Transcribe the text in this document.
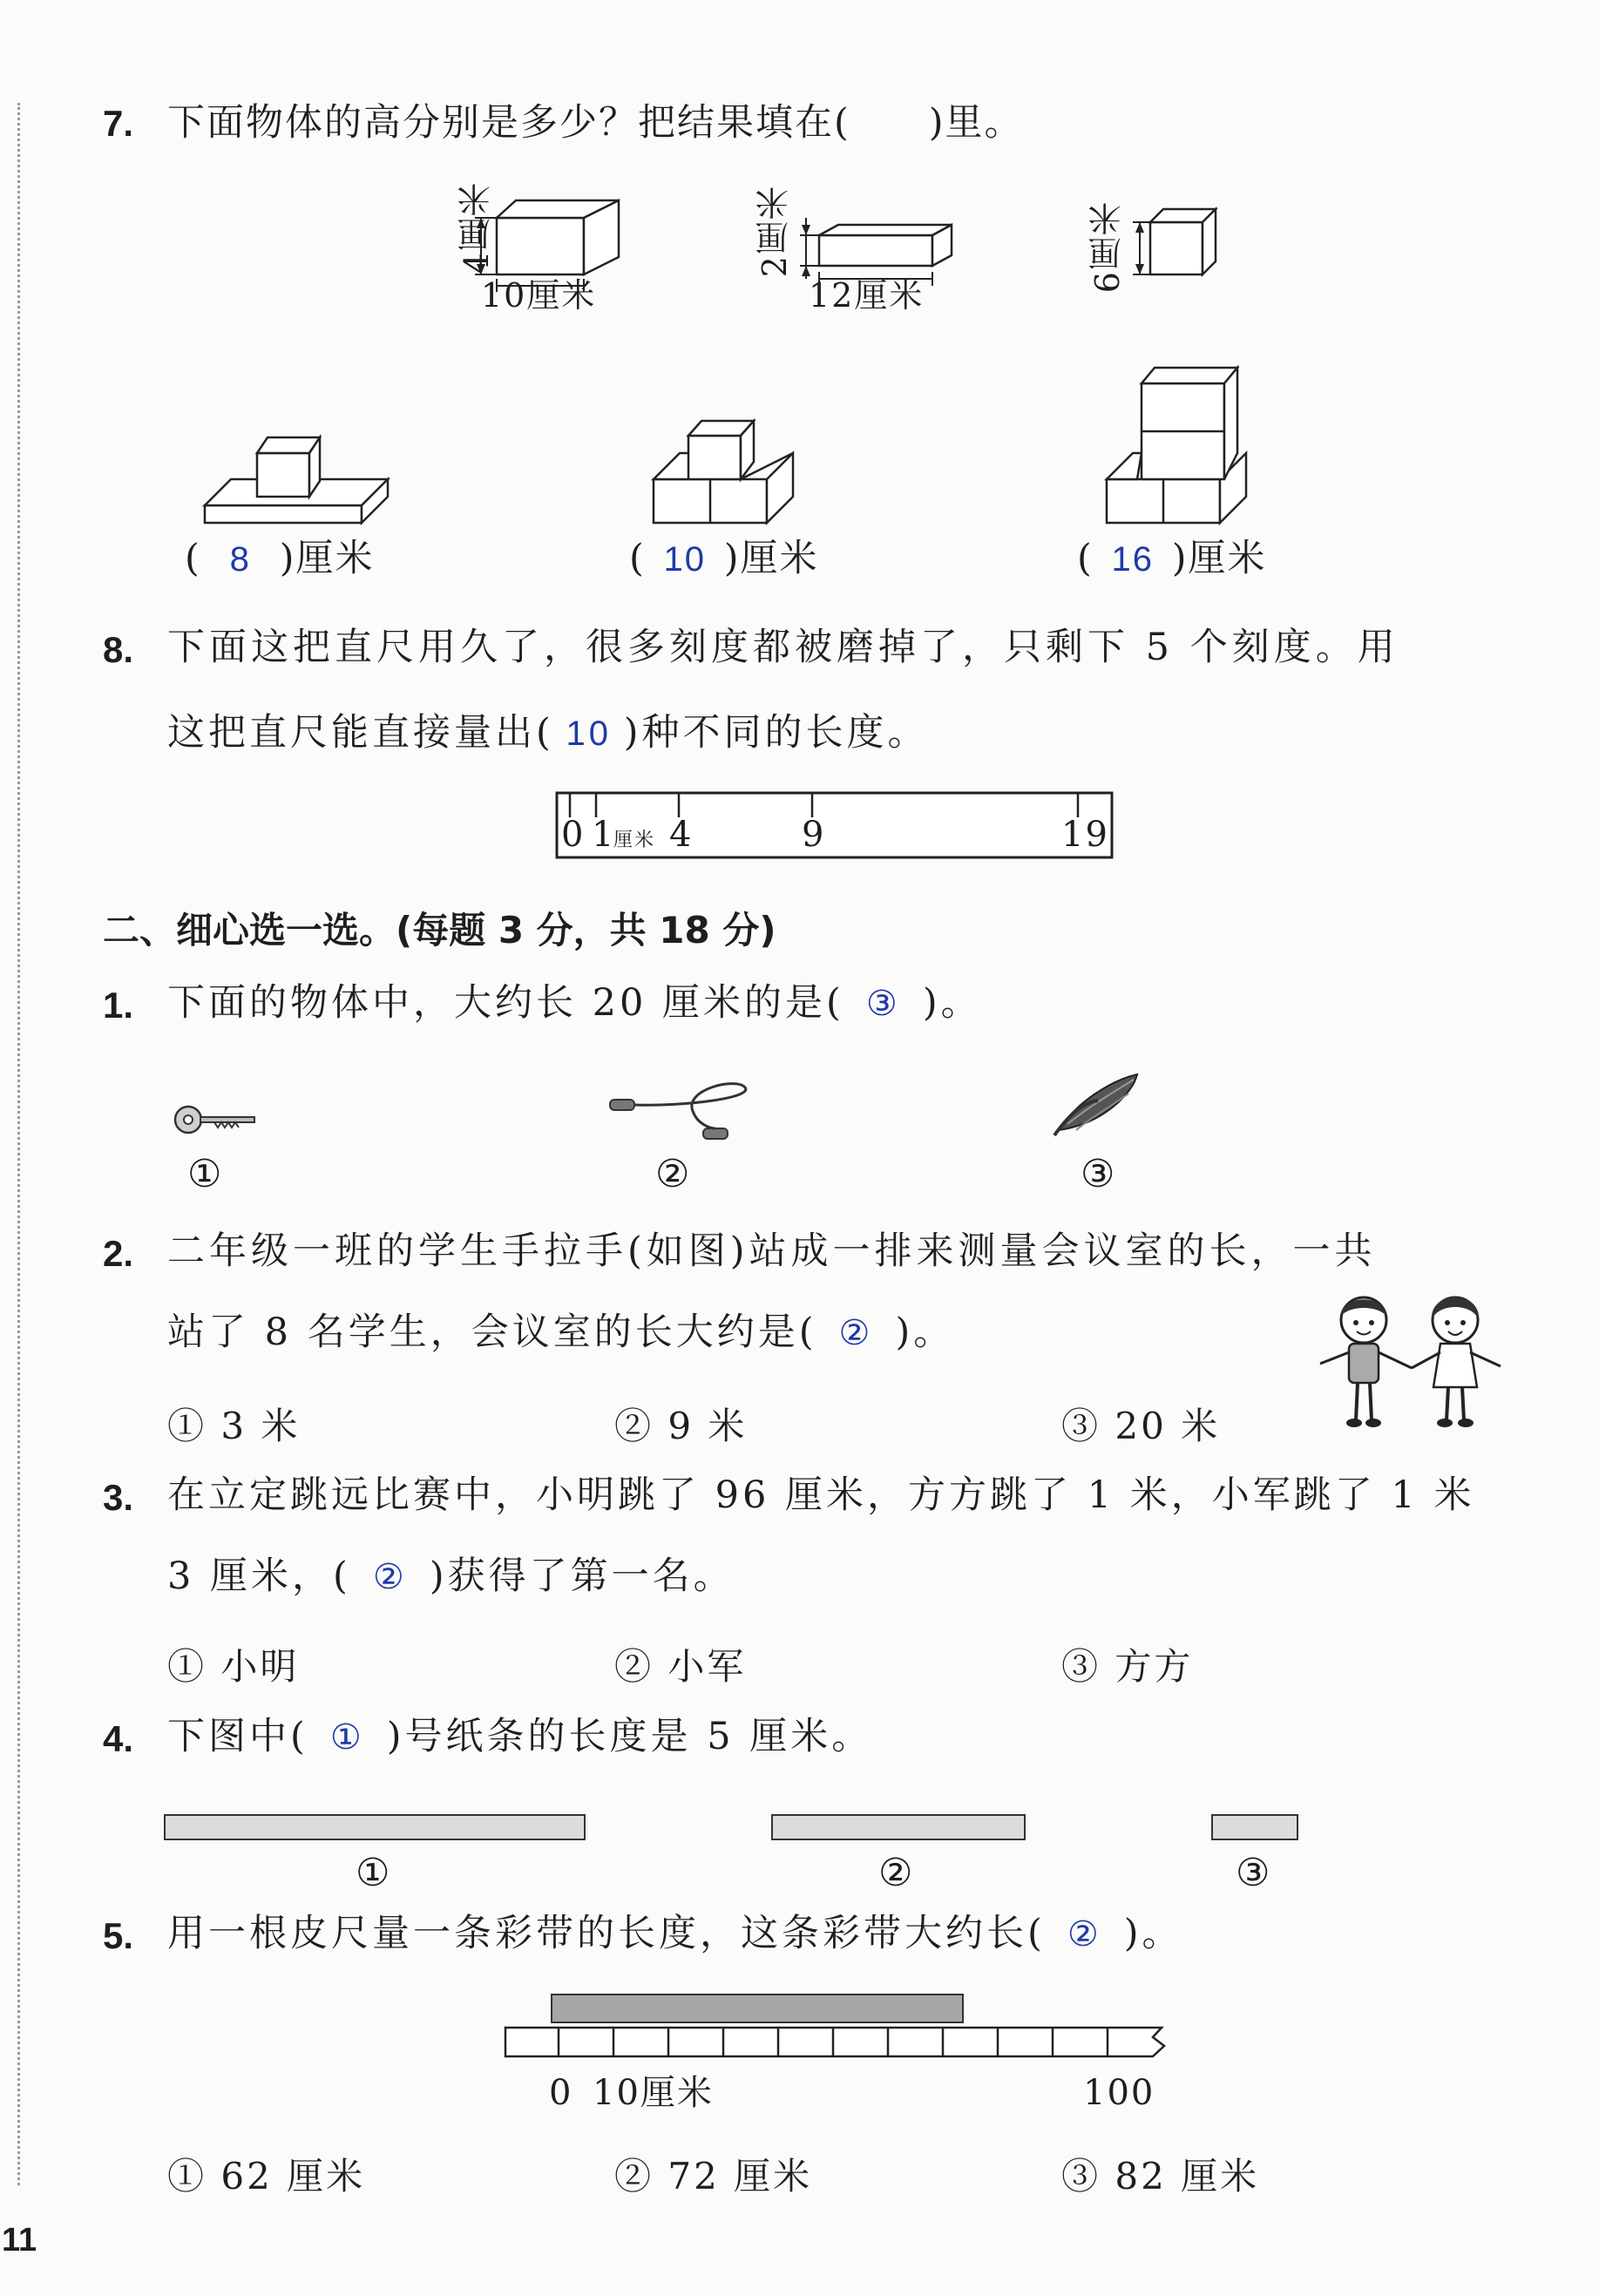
7. 下面物体的高分别是多少？把结果填在(　　)里。
4厘米
10厘米
2厘米
12厘米
6厘米
( 8 )厘米	( 10 )厘米	( 16 )厘米
8. 下面这把直尺用久了，很多刻度都被磨掉了，只剩下 5 个刻度。用
这把直尺能直接量出( 10 )种不同的长度。
0 1
厘米 4	9	19
二、细心选一选。(每题 3 分，共 18 分)
1. 下面的物体中，大约长 20 厘米的是( ③ )。
①	②	③
2. 二年级一班的学生手拉手(如图)站成一排来测量会议室的长，一共
站了 8 名学生，会议室的长大约是( ② )。
① 3 米	② 9 米	③ 20 米
3. 在立定跳远比赛中，小明跳了 96 厘米，方方跳了 1 米，小军跳了 1 米
3 厘米，( ② )获得了第一名。
① 小明	② 小军	③ 方方
4. 下图中( ① )号纸条的长度是 5 厘米。
①	②	③
5. 用一根皮尺量一条彩带的长度，这条彩带大约长( ② )。
0 10厘米	100
① 62 厘米	② 72 厘米	③ 82 厘米
11
